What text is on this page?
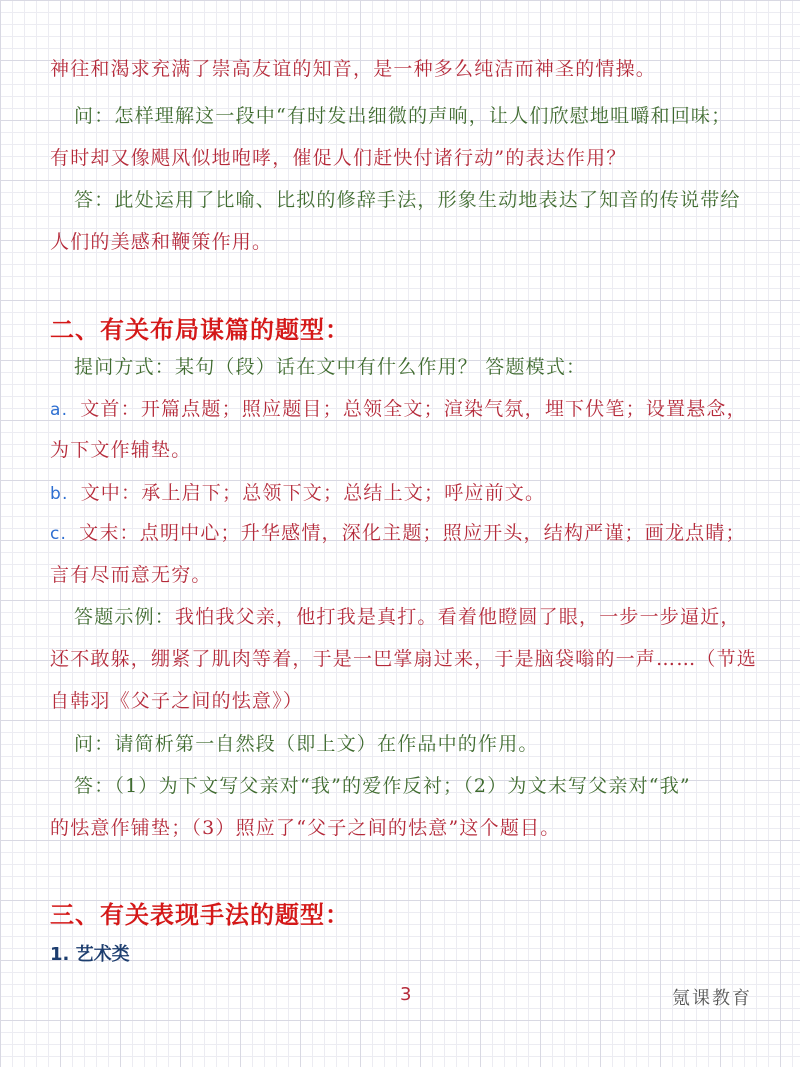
神往和渴求充满了崇高友谊的知音，是一种多么纯洁而神圣的情操。
问：怎样理解这一段中“有时发出细微的声响，让人们欣慰地咀嚼和回味；
有时却又像飓风似地咆哮，催促人们赶快付诸行动”的表达作用？
答：此处运用了比喻、比拟的修辞手法，形象生动地表达了知音的传说带给
人们的美感和鞭策作用。
二、有关布局谋篇的题型：
提问方式：某句（段）话在文中有什么作用？ 答题模式：
a. 文首：开篇点题；照应题目；总领全文；渲染气氛，埋下伏笔；设置悬念，
为下文作辅垫。
b. 文中：承上启下；总领下文；总结上文；呼应前文。
c. 文末：点明中心；升华感情，深化主题；照应开头，结构严谨；画龙点睛；
言有尽而意无穷。
答题示例：我怕我父亲，他打我是真打。看着他瞪圆了眼，一步一步逼近，
还不敢躲，绷紧了肌肉等着，于是一巴掌扇过来，于是脑袋嗡的一声……（节选
自韩羽《父子之间的怯意》）
问：请简析第一自然段（即上文）在作品中的作用。
答：（1）为下文写父亲对“我”的爱作反衬；（2）为文末写父亲对“我”
的怯意作铺垫；（3）照应了“父子之间的怯意”这个题目。
三、有关表现手法的题型：
1. 艺术类
3	氪课教育
